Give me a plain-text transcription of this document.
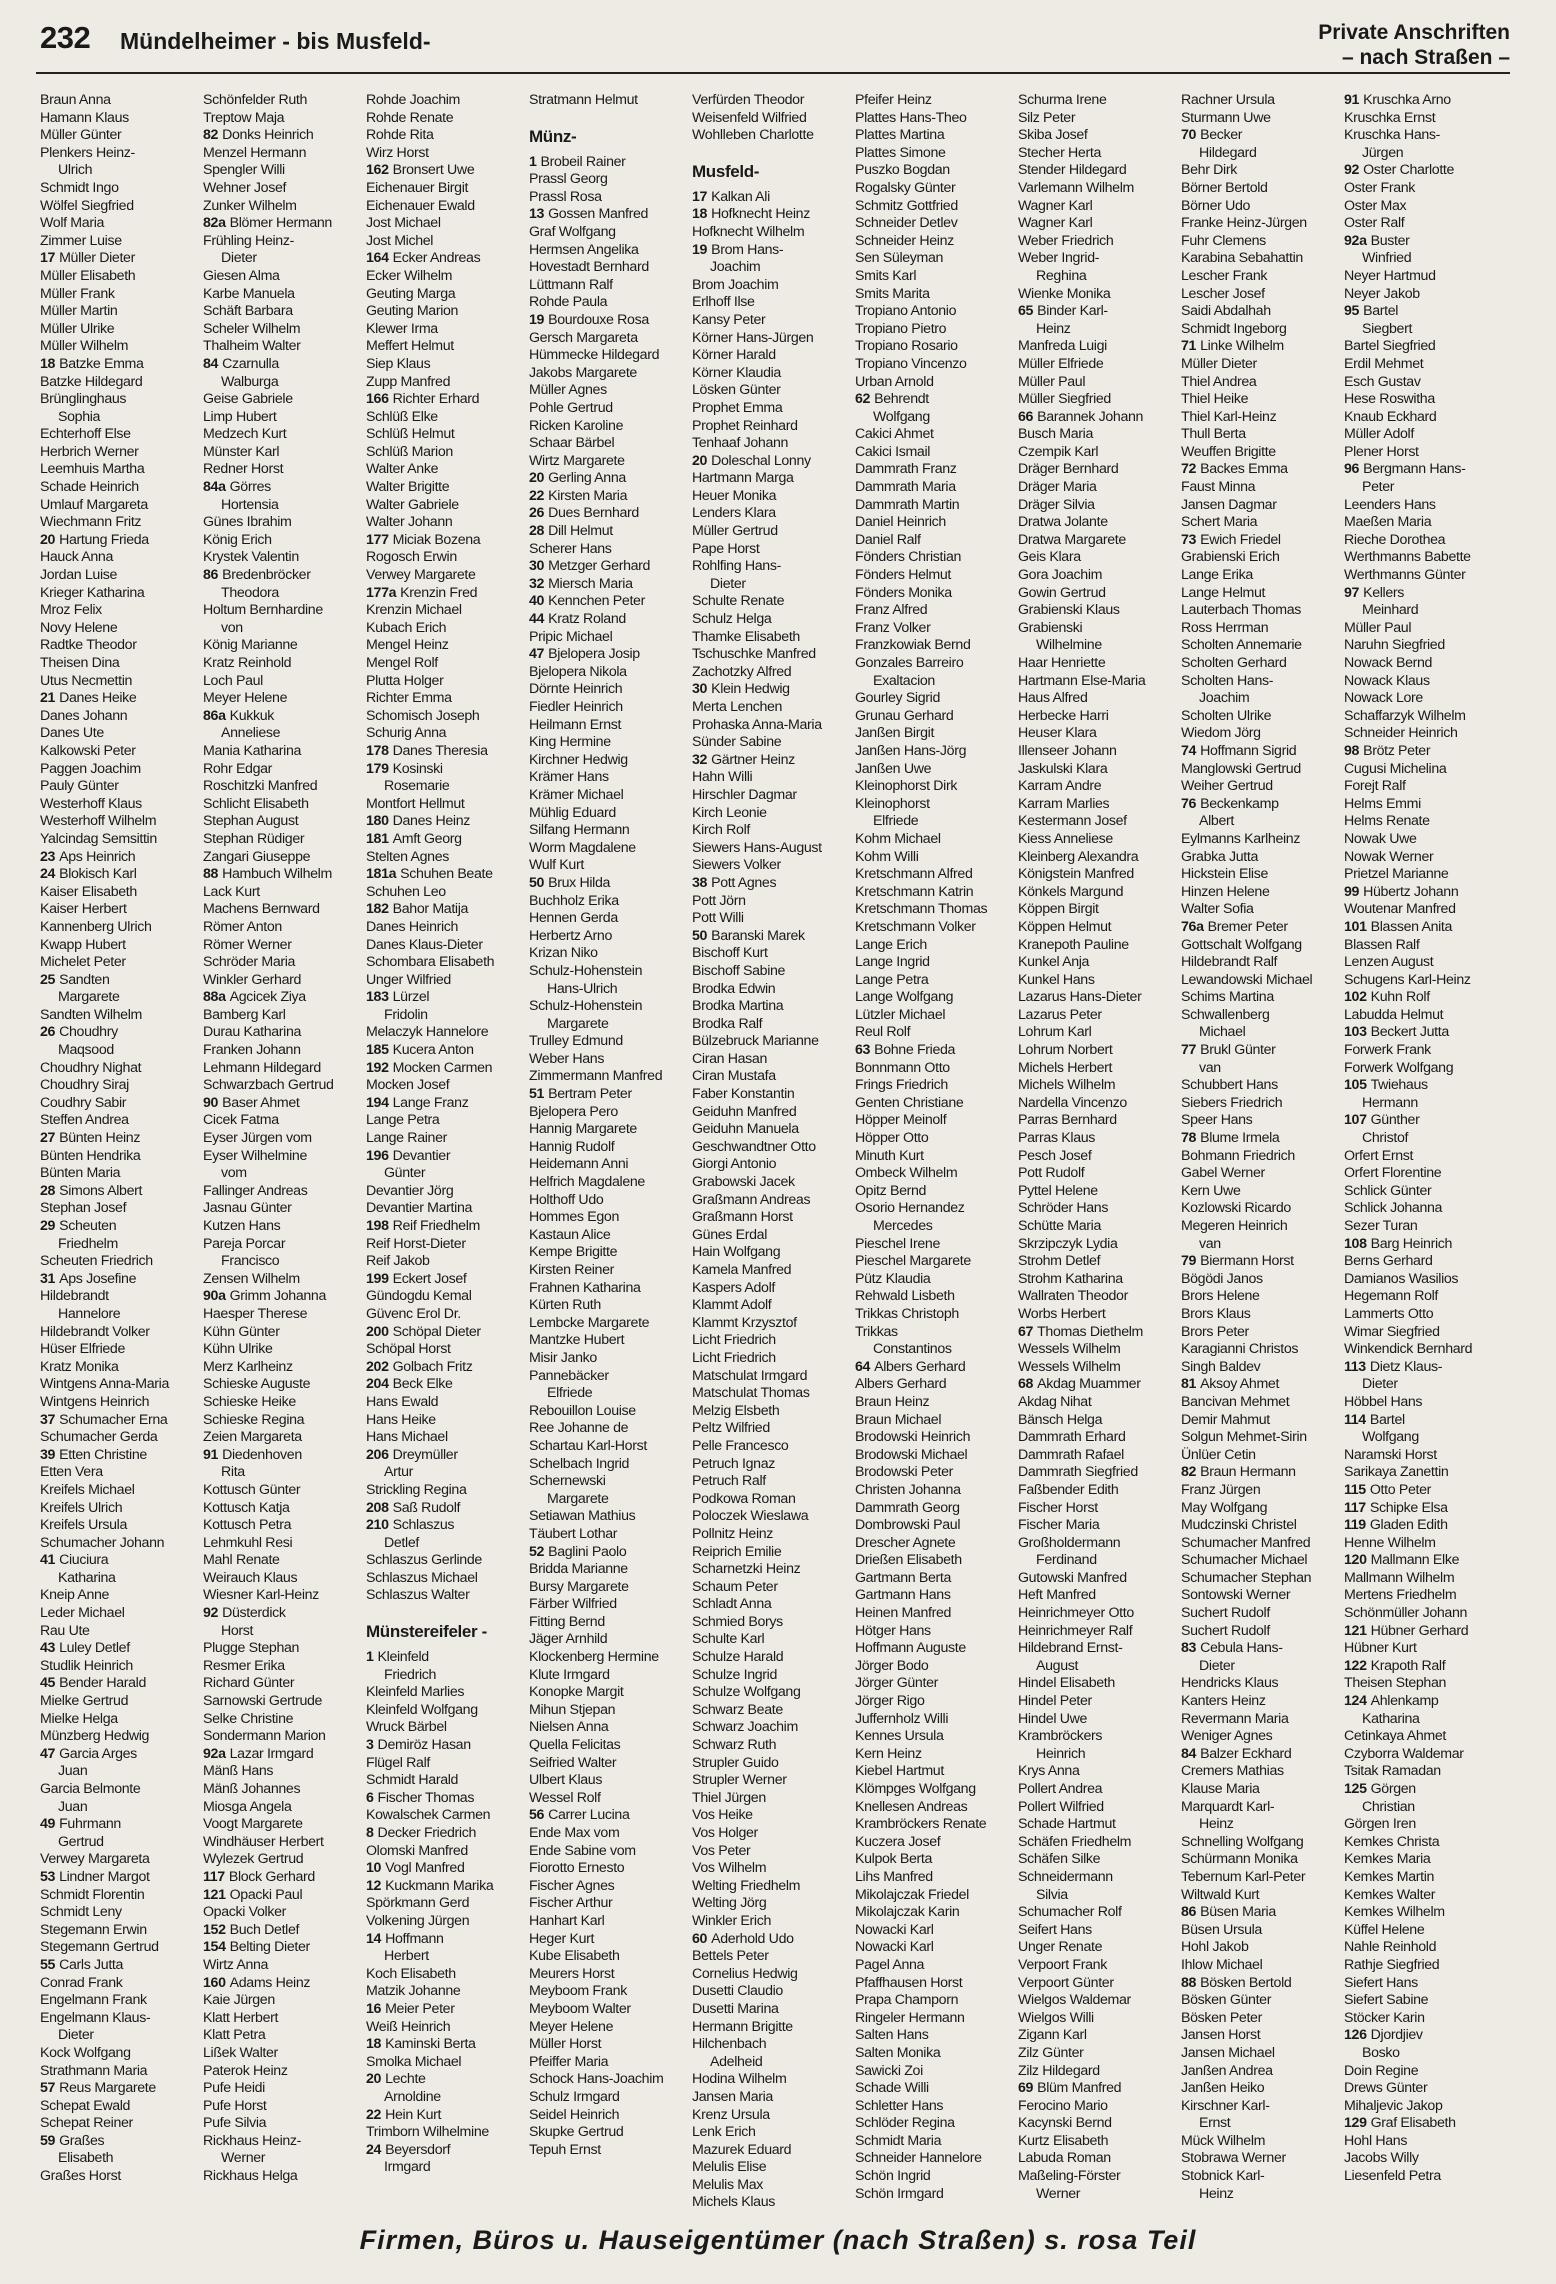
232 Mündelheimer - bis Musfeld-	Private Anschriften
– nach Straßen –
Braun Anna
Hamann Klaus
Müller Günter
Plenkers Heinz-
Ulrich
Schmidt Ingo
Wölfel Siegfried
Wolf Maria
Zimmer Luise
17 Müller Dieter
Müller Elisabeth
Müller Frank
Müller Martin
Müller Ulrike
Müller Wilhelm
18 Batzke Emma
Batzke Hildegard
Brünglinghaus
Sophia
Echterhoff Else
Herbrich Werner
Leemhuis Martha
Schade Heinrich
Umlauf Margareta
Wiechmann Fritz
20 Hartung Frieda
Hauck Anna
Jordan Luise
Krieger Katharina
Mroz Felix
Novy Helene
Radtke Theodor
Theisen Dina
Utus Necmettin
21 Danes Heike
Danes Johann
Danes Ute
Kalkowski Peter
Paggen Joachim
Pauly Günter
Westerhoff Klaus
Westerhoff Wilhelm
Yalcindag Semsittin
23 Aps Heinrich
24 Blokisch Karl
Kaiser Elisabeth
Kaiser Herbert
Kannenberg Ulrich
Kwapp Hubert
Michelet Peter
25 Sandten
Margarete
Sandten Wilhelm
26 Choudhry
Maqsood
Choudhry Nighat
Choudhry Siraj
Coudhry Sabir
Steffen Andrea
27 Bünten Heinz
Bünten Hendrika
Bünten Maria
28 Simons Albert
Stephan Josef
29 Scheuten
Friedhelm
Scheuten Friedrich
31 Aps Josefine
Hildebrandt
Hannelore
Hildebrandt Volker
Hüser Elfriede
Kratz Monika
Wintgens Anna-Maria
Wintgens Heinrich
37 Schumacher Erna
Schumacher Gerda
39 Etten Christine
Etten Vera
Kreifels Michael
Kreifels Ulrich
Kreifels Ursula
Schumacher Johann
41 Ciuciura
Katharina
Kneip Anne
Leder Michael
Rau Ute
43 Luley Detlef
Studlik Heinrich
45 Bender Harald
Mielke Gertrud
Mielke Helga
Münzberg Hedwig
47 Garcia Arges
Juan
Garcia Belmonte
Juan
49 Fuhrmann
Gertrud
Verwey Margareta
53 Lindner Margot
Schmidt Florentin
Schmidt Leny
Stegemann Erwin
Stegemann Gertrud
55 Carls Jutta
Conrad Frank
Engelmann Frank
Engelmann Klaus-
Dieter
Kock Wolfgang
Strathmann Maria
57 Reus Margarete
Schepat Ewald
Schepat Reiner
59 Graßes
Elisabeth
Graßes Horst
Schönfelder Ruth
Treptow Maja
82 Donks Heinrich
Menzel Hermann
Spengler Willi
Wehner Josef
Zunker Wilhelm
82a Blömer Hermann
Frühling Heinz-
Dieter
Giesen Alma
Karbe Manuela
Schäft Barbara
Scheler Wilhelm
Thalheim Walter
84 Czarnulla
Walburga
Geise Gabriele
Limp Hubert
Medzech Kurt
Münster Karl
Redner Horst
84a Görres
Hortensia
Günes Ibrahim
König Erich
Krystek Valentin
86 Bredenbröcker
Theodora
Holtum Bernhardine
von
König Marianne
Kratz Reinhold
Loch Paul
Meyer Helene
86a Kukkuk
Anneliese
Mania Katharina
Rohr Edgar
Roschitzki Manfred
Schlicht Elisabeth
Stephan August
Stephan Rüdiger
Zangari Giuseppe
88 Hambuch Wilhelm
Lack Kurt
Machens Bernward
Römer Anton
Römer Werner
Schröder Maria
Winkler Gerhard
88a Agcicek Ziya
Bamberg Karl
Durau Katharina
Franken Johann
Lehmann Hildegard
Schwarzbach Gertrud
90 Baser Ahmet
Cicek Fatma
Eyser Jürgen vom
Eyser Wilhelmine
vom
Fallinger Andreas
Jasnau Günter
Kutzen Hans
Pareja Porcar
Francisco
Zensen Wilhelm
90a Grimm Johanna
Haesper Therese
Kühn Günter
Kühn Ulrike
Merz Karlheinz
Schieske Auguste
Schieske Heike
Schieske Regina
Zeien Margareta
91 Diedenhoven
Rita
Kottusch Günter
Kottusch Katja
Kottusch Petra
Lehmkuhl Resi
Mahl Renate
Weirauch Klaus
Wiesner Karl-Heinz
92 Düsterdick
Horst
Plugge Stephan
Resmer Erika
Richard Günter
Sarnowski Gertrude
Selke Christine
Sondermann Marion
92a Lazar Irmgard
Mänß Hans
Mänß Johannes
Miosga Angela
Voogt Margarete
Windhäuser Herbert
Wylezek Gertrud
117 Block Gerhard
121 Opacki Paul
Opacki Volker
152 Buch Detlef
154 Belting Dieter
Wirtz Anna
160 Adams Heinz
Kaie Jürgen
Klatt Herbert
Klatt Petra
Lißek Walter
Paterok Heinz
Pufe Heidi
Pufe Horst
Pufe Silvia
Rickhaus Heinz-
Werner
Rickhaus Helga
Rohde Joachim
Rohde Renate
Rohde Rita
Wirz Horst
162 Bronsert Uwe
Eichenauer Birgit
Eichenauer Ewald
Jost Michael
Jost Michel
164 Ecker Andreas
Ecker Wilhelm
Geuting Marga
Geuting Marion
Klewer Irma
Meffert Helmut
Siep Klaus
Zupp Manfred
166 Richter Erhard
Schlüß Elke
Schlüß Helmut
Schlüß Marion
Walter Anke
Walter Brigitte
Walter Gabriele
Walter Johann
177 Miciak Bozena
Rogosch Erwin
Verwey Margarete
177a Krenzin Fred
Krenzin Michael
Kubach Erich
Mengel Heinz
Mengel Rolf
Plutta Holger
Richter Emma
Schomisch Joseph
Schurig Anna
178 Danes Theresia
179 Kosinski
Rosemarie
Montfort Hellmut
180 Danes Heinz
181 Amft Georg
Stelten Agnes
181a Schuhen Beate
Schuhen Leo
182 Bahor Matija
Danes Heinrich
Danes Klaus-Dieter
Schombara Elisabeth
Unger Wilfried
183 Lürzel
Fridolin
Melaczyk Hannelore
185 Kucera Anton
192 Mocken Carmen
Mocken Josef
194 Lange Franz
Lange Petra
Lange Rainer
196 Devantier
Günter
Devantier Jörg
Devantier Martina
198 Reif Friedhelm
Reif Horst-Dieter
Reif Jakob
199 Eckert Josef
Gündogdu Kemal
Güvenc Erol Dr.
200 Schöpal Dieter
Schöpal Horst
202 Golbach Fritz
204 Beck Elke
Hans Ewald
Hans Heike
Hans Michael
206 Dreymüller
Artur
Strickling Regina
208 Saß Rudolf
210 Schlaszus
Detlef
Schlaszus Gerlinde
Schlaszus Michael
Schlaszus Walter
Münstereifeler -
1 Kleinfeld
Friedrich
Kleinfeld Marlies
Kleinfeld Wolfgang
Wruck Bärbel
3 Demiröz Hasan
Flügel Ralf
Schmidt Harald
6 Fischer Thomas
Kowalschek Carmen
8 Decker Friedrich
Olomski Manfred
10 Vogl Manfred
12 Kuckmann Marika
Spörkmann Gerd
Volkening Jürgen
14 Hoffmann
Herbert
Koch Elisabeth
Matzik Johanne
16 Meier Peter
Weiß Heinrich
18 Kaminski Berta
Smolka Michael
20 Lechte
Arnoldine
22 Hein Kurt
Trimborn Wilhelmine
24 Beyersdorf
Irmgard
Stratmann Helmut
Münz-
1 Brobeil Rainer
Prassl Georg
Prassl Rosa
13 Gossen Manfred
Graf Wolfgang
Hermsen Angelika
Hovestadt Bernhard
Lüttmann Ralf
Rohde Paula
19 Bourdouxe Rosa
Gersch Margareta
Hümmecke Hildegard
Jakobs Margarete
Müller Agnes
Pohle Gertrud
Ricken Karoline
Schaar Bärbel
Wirtz Margarete
20 Gerling Anna
22 Kirsten Maria
26 Dues Bernhard
28 Dill Helmut
Scherer Hans
30 Metzger Gerhard
32 Miersch Maria
40 Kennchen Peter
44 Kratz Roland
Pripic Michael
47 Bjelopera Josip
Bjelopera Nikola
Dörnte Heinrich
Fiedler Heinrich
Heilmann Ernst
King Hermine
Kirchner Hedwig
Krämer Hans
Krämer Michael
Mühlig Eduard
Silfang Hermann
Worm Magdalene
Wulf Kurt
50 Brux Hilda
Buchholz Erika
Hennen Gerda
Herbertz Arno
Krizan Niko
Schulz-Hohenstein
Hans-Ulrich
Schulz-Hohenstein
Margarete
Trulley Edmund
Weber Hans
Zimmermann Manfred
51 Bertram Peter
Bjelopera Pero
Hannig Margarete
Hannig Rudolf
Heidemann Anni
Helfrich Magdalene
Holthoff Udo
Hommes Egon
Kastaun Alice
Kempe Brigitte
Kirsten Reiner
Frahnen Katharina
Kürten Ruth
Lembcke Margarete
Mantzke Hubert
Misir Janko
Pannebäcker
Elfriede
Rebouillon Louise
Ree Johanne de
Schartau Karl-Horst
Schelbach Ingrid
Schernewski
Margarete
Setiawan Mathius
Täubert Lothar
52 Baglini Paolo
Bridda Marianne
Bursy Margarete
Färber Wilfried
Fitting Bernd
Jäger Arnhild
Klockenberg Hermine
Klute Irmgard
Konopke Margit
Mihun Stjepan
Nielsen Anna
Quella Felicitas
Seifried Walter
Ulbert Klaus
Wessel Rolf
56 Carrer Lucina
Ende Max vom
Ende Sabine vom
Fiorotto Ernesto
Fischer Agnes
Fischer Arthur
Hanhart Karl
Heger Kurt
Kube Elisabeth
Meurers Horst
Meyboom Frank
Meyboom Walter
Meyer Helene
Müller Horst
Pfeiffer Maria
Schock Hans-Joachim
Schulz Irmgard
Seidel Heinrich
Skupke Gertrud
Tepuh Ernst
Verfürden Theodor
Weisenfeld Wilfried
Wohlleben Charlotte
Musfeld-
17 Kalkan Ali
18 Hofknecht Heinz
Hofknecht Wilhelm
19 Brom Hans-
Joachim
Brom Joachim
Erlhoff Ilse
Kansy Peter
Körner Hans-Jürgen
Körner Harald
Körner Klaudia
Lösken Günter
Prophet Emma
Prophet Reinhard
Tenhaaf Johann
20 Doleschal Lonny
Hartmann Marga
Heuer Monika
Lenders Klara
Müller Gertrud
Pape Horst
Rohlfing Hans-
Dieter
Schulte Renate
Schulz Helga
Thamke Elisabeth
Tschuschke Manfred
Zachotzky Alfred
30 Klein Hedwig
Merta Lenchen
Prohaska Anna-Maria
Sünder Sabine
32 Gärtner Heinz
Hahn Willi
Hirschler Dagmar
Kirch Leonie
Kirch Rolf
Siewers Hans-August
Siewers Volker
38 Pott Agnes
Pott Jörn
Pott Willi
50 Baranski Marek
Bischoff Kurt
Bischoff Sabine
Brodka Edwin
Brodka Martina
Brodka Ralf
Bülzebruck Marianne
Ciran Hasan
Ciran Mustafa
Faber Konstantin
Geiduhn Manfred
Geiduhn Manuela
Geschwandtner Otto
Giorgi Antonio
Grabowski Jacek
Graßmann Andreas
Graßmann Horst
Günes Erdal
Hain Wolfgang
Kamela Manfred
Kaspers Adolf
Klammt Adolf
Klammt Krzysztof
Licht Friedrich
Licht Friedrich
Matschulat Irmgard
Matschulat Thomas
Melzig Elsbeth
Peltz Wilfried
Pelle Francesco
Petruch Ignaz
Petruch Ralf
Podkowa Roman
Poloczek Wieslawa
Pollnitz Heinz
Reiprich Emilie
Scharnetzki Heinz
Schaum Peter
Schladt Anna
Schmied Borys
Schulte Karl
Schulze Harald
Schulze Ingrid
Schulze Wolfgang
Schwarz Beate
Schwarz Joachim
Schwarz Ruth
Strupler Guido
Strupler Werner
Thiel Jürgen
Vos Heike
Vos Holger
Vos Peter
Vos Wilhelm
Welting Friedhelm
Welting Jörg
Winkler Erich
60 Aderhold Udo
Bettels Peter
Cornelius Hedwig
Dusetti Claudio
Dusetti Marina
Hermann Brigitte
Hilchenbach
Adelheid
Hodina Wilhelm
Jansen Maria
Krenz Ursula
Lenk Erich
Mazurek Eduard
Melulis Elise
Melulis Max
Michels Klaus
Pfeifer Heinz
Plattes Hans-Theo
Plattes Martina
Plattes Simone
Puszko Bogdan
Rogalsky Günter
Schmitz Gottfried
Schneider Detlev
Schneider Heinz
Sen Süleyman
Smits Karl
Smits Marita
Tropiano Antonio
Tropiano Pietro
Tropiano Rosario
Tropiano Vincenzo
Urban Arnold
62 Behrendt
Wolfgang
Cakici Ahmet
Cakici Ismail
Dammrath Franz
Dammrath Maria
Dammrath Martin
Daniel Heinrich
Daniel Ralf
Fönders Christian
Fönders Helmut
Fönders Monika
Franz Alfred
Franz Volker
Franzkowiak Bernd
Gonzales Barreiro
Exaltacion
Gourley Sigrid
Grunau Gerhard
Janßen Birgit
Janßen Hans-Jörg
Janßen Uwe
Kleinophorst Dirk
Kleinophorst
Elfriede
Kohm Michael
Kohm Willi
Kretschmann Alfred
Kretschmann Katrin
Kretschmann Thomas
Kretschmann Volker
Lange Erich
Lange Ingrid
Lange Petra
Lange Wolfgang
Lützler Michael
Reul Rolf
63 Bohne Frieda
Bonnmann Otto
Frings Friedrich
Genten Christiane
Höpper Meinolf
Höpper Otto
Minuth Kurt
Ombeck Wilhelm
Opitz Bernd
Osorio Hernandez
Mercedes
Pieschel Irene
Pieschel Margarete
Pütz Klaudia
Rehwald Lisbeth
Trikkas Christoph
Trikkas
Constantinos
64 Albers Gerhard
Albers Gerhard
Braun Heinz
Braun Michael
Brodowski Heinrich
Brodowski Michael
Brodowski Peter
Christen Johanna
Dammrath Georg
Dombrowski Paul
Drescher Agnete
Drießen Elisabeth
Gartmann Berta
Gartmann Hans
Heinen Manfred
Hötger Hans
Hoffmann Auguste
Jörger Bodo
Jörger Günter
Jörger Rigo
Juffernholz Willi
Kennes Ursula
Kern Heinz
Kiebel Hartmut
Klömpges Wolfgang
Knellesen Andreas
Krambröckers Renate
Kuczera Josef
Kulpok Berta
Lihs Manfred
Mikolajczak Friedel
Mikolajczak Karin
Nowacki Karl
Nowacki Karl
Pagel Anna
Pfaffhausen Horst
Prapa Champorn
Ringeler Hermann
Salten Hans
Salten Monika
Sawicki Zoi
Schade Willi
Schletter Hans
Schlöder Regina
Schmidt Maria
Schneider Hannelore
Schön Ingrid
Schön Irmgard
Schurma Irene
Silz Peter
Skiba Josef
Stecher Herta
Stender Hildegard
Varlemann Wilhelm
Wagner Karl
Wagner Karl
Weber Friedrich
Weber Ingrid-
Reghina
Wienke Monika
65 Binder Karl-
Heinz
Manfreda Luigi
Müller Elfriede
Müller Paul
Müller Siegfried
66 Barannek Johann
Busch Maria
Czempik Karl
Dräger Bernhard
Dräger Maria
Dräger Silvia
Dratwa Jolante
Dratwa Margarete
Geis Klara
Gora Joachim
Gowin Gertrud
Grabienski Klaus
Grabienski
Wilhelmine
Haar Henriette
Hartmann Else-Maria
Haus Alfred
Herbecke Harri
Heuser Klara
Illenseer Johann
Jaskulski Klara
Karram Andre
Karram Marlies
Kestermann Josef
Kiess Anneliese
Kleinberg Alexandra
Königstein Manfred
Könkels Margund
Köppen Birgit
Köppen Helmut
Kranepoth Pauline
Kunkel Anja
Kunkel Hans
Lazarus Hans-Dieter
Lazarus Peter
Lohrum Karl
Lohrum Norbert
Michels Herbert
Michels Wilhelm
Nardella Vincenzo
Parras Bernhard
Parras Klaus
Pesch Josef
Pott Rudolf
Pyttel Helene
Schröder Hans
Schütte Maria
Skrzipczyk Lydia
Strohm Detlef
Strohm Katharina
Wallraten Theodor
Worbs Herbert
67 Thomas Diethelm
Wessels Wilhelm
Wessels Wilhelm
68 Akdag Muammer
Akdag Nihat
Bänsch Helga
Dammrath Erhard
Dammrath Rafael
Dammrath Siegfried
Faßbender Edith
Fischer Horst
Fischer Maria
Großholdermann
Ferdinand
Gutowski Manfred
Heft Manfred
Heinrichmeyer Otto
Heinrichmeyer Ralf
Hildebrand Ernst-
August
Hindel Elisabeth
Hindel Peter
Hindel Uwe
Krambröckers
Heinrich
Krys Anna
Pollert Andrea
Pollert Wilfried
Schade Hartmut
Schäfen Friedhelm
Schäfen Silke
Schneidermann
Silvia
Schumacher Rolf
Seifert Hans
Unger Renate
Verpoort Frank
Verpoort Günter
Wielgos Waldemar
Wielgos Willi
Zigann Karl
Zilz Günter
Zilz Hildegard
69 Blüm Manfred
Ferocino Mario
Kacynski Bernd
Kurtz Elisabeth
Labuda Roman
Maßeling-Förster
Werner
Rachner Ursula
Sturmann Uwe
70 Becker
Hildegard
Behr Dirk
Börner Bertold
Börner Udo
Franke Heinz-Jürgen
Fuhr Clemens
Karabina Sebahattin
Lescher Frank
Lescher Josef
Saidi Abdalhah
Schmidt Ingeborg
71 Linke Wilhelm
Müller Dieter
Thiel Andrea
Thiel Heike
Thiel Karl-Heinz
Thull Berta
Weuffen Brigitte
72 Backes Emma
Faust Minna
Jansen Dagmar
Schert Maria
73 Ewich Friedel
Grabienski Erich
Lange Erika
Lange Helmut
Lauterbach Thomas
Ross Herrman
Scholten Annemarie
Scholten Gerhard
Scholten Hans-
Joachim
Scholten Ulrike
Wiedom Jörg
74 Hoffmann Sigrid
Manglowski Gertrud
Weiher Gertrud
76 Beckenkamp
Albert
Eylmanns Karlheinz
Grabka Jutta
Hickstein Elise
Hinzen Helene
Walter Sofia
76a Bremer Peter
Gottschalt Wolfgang
Hildebrandt Ralf
Lewandowski Michael
Schims Martina
Schwallenberg
Michael
77 Brukl Günter
van
Schubbert Hans
Siebers Friedrich
Speer Hans
78 Blume Irmela
Bohmann Friedrich
Gabel Werner
Kern Uwe
Kozlowski Ricardo
Megeren Heinrich
van
79 Biermann Horst
Bögödi Janos
Brors Helene
Brors Klaus
Brors Peter
Karagianni Christos
Singh Baldev
81 Aksoy Ahmet
Bancivan Mehmet
Demir Mahmut
Solgun Mehmet-Sirin
Ünlüer Cetin
82 Braun Hermann
Franz Jürgen
May Wolfgang
Mudczinski Christel
Schumacher Manfred
Schumacher Michael
Schumacher Stephan
Sontowski Werner
Suchert Rudolf
Suchert Rudolf
83 Cebula Hans-
Dieter
Hendricks Klaus
Kanters Heinz
Revermann Maria
Weniger Agnes
84 Balzer Eckhard
Cremers Mathias
Klause Maria
Marquardt Karl-
Heinz
Schnelling Wolfgang
Schürmann Monika
Tebernum Karl-Peter
Wiltwald Kurt
86 Büsen Maria
Büsen Ursula
Hohl Jakob
Ihlow Michael
88 Bösken Bertold
Bösken Günter
Bösken Peter
Jansen Horst
Jansen Michael
Janßen Andrea
Janßen Heiko
Kirschner Karl-
Ernst
Mück Wilhelm
Stobrawa Werner
Stobnick Karl-
Heinz
91 Kruschka Arno
Kruschka Ernst
Kruschka Hans-
Jürgen
92 Oster Charlotte
Oster Frank
Oster Max
Oster Ralf
92a Buster
Winfried
Neyer Hartmud
Neyer Jakob
95 Bartel
Siegbert
Bartel Siegfried
Erdil Mehmet
Esch Gustav
Hese Roswitha
Knaub Eckhard
Müller Adolf
Plener Horst
96 Bergmann Hans-
Peter
Leenders Hans
Maeßen Maria
Rieche Dorothea
Werthmanns Babette
Werthmanns Günter
97 Kellers
Meinhard
Müller Paul
Naruhn Siegfried
Nowack Bernd
Nowack Klaus
Nowack Lore
Schaffarzyk Wilhelm
Schneider Heinrich
98 Brötz Peter
Cugusi Michelina
Forejt Ralf
Helms Emmi
Helms Renate
Nowak Uwe
Nowak Werner
Prietzel Marianne
99 Hübertz Johann
Woutenar Manfred
101 Blassen Anita
Blassen Ralf
Lenzen August
Schugens Karl-Heinz
102 Kuhn Rolf
Labudda Helmut
103 Beckert Jutta
Forwerk Frank
Forwerk Wolfgang
105 Twiehaus
Hermann
107 Günther
Christof
Orfert Ernst
Orfert Florentine
Schlick Günter
Schlick Johanna
Sezer Turan
108 Barg Heinrich
Berns Gerhard
Damianos Wasilios
Hegemann Rolf
Lammerts Otto
Wimar Siegfried
Winkendick Bernhard
113 Dietz Klaus-
Dieter
Höbbel Hans
114 Bartel
Wolfgang
Naramski Horst
Sarikaya Zanettin
115 Otto Peter
117 Schipke Elsa
119 Gladen Edith
Henne Wilhelm
120 Mallmann Elke
Mallmann Wilhelm
Mertens Friedhelm
Schönmüller Johann
121 Hübner Gerhard
Hübner Kurt
122 Krapoth Ralf
Theisen Stephan
124 Ahlenkamp
Katharina
Cetinkaya Ahmet
Czyborra Waldemar
Tsitak Ramadan
125 Görgen
Christian
Görgen Iren
Kemkes Christa
Kemkes Maria
Kemkes Martin
Kemkes Walter
Kemkes Wilhelm
Küffel Helene
Nahle Reinhold
Rathje Siegfried
Siefert Hans
Siefert Sabine
Stöcker Karin
126 Djordjiev
Bosko
Doin Regine
Drews Günter
Mihaljevic Jakop
129 Graf Elisabeth
Hohl Hans
Jacobs Willy
Liesenfeld Petra
Firmen, Büros u. Hauseigentümer (nach Straßen) s. rosa Teil
